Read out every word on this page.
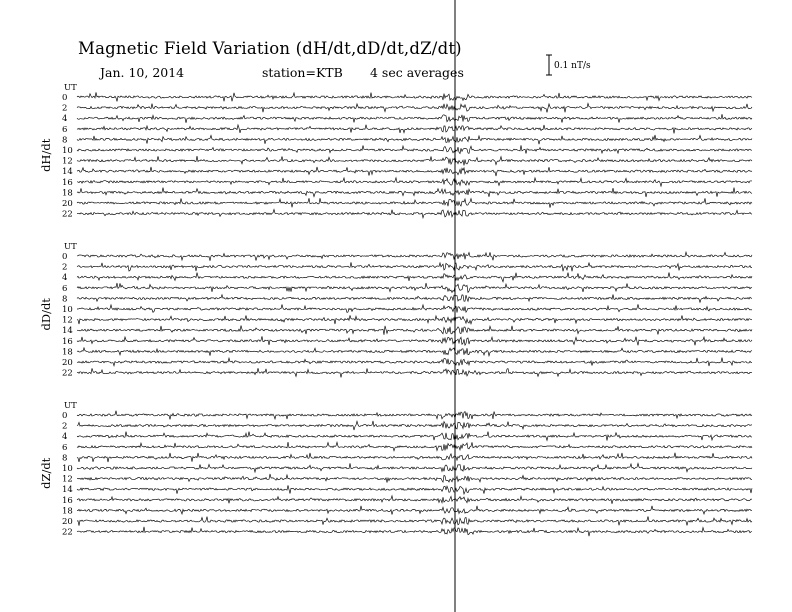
Magnetic Field Variation (dH/dt,dD/dt,dZ/dt)
Jan. 10, 2014	station=KTB 4 sec averages	0.1 nT/s
UT
dH/dt
0
2
4
6
8
10
12
14
16
18
20
22
UT
dD/dt
0
2
4
6
8
10
12
14
16
18
20
22
UT
dZ/dt
0
2
4
6
8
10
12
14
16
18
20
22
